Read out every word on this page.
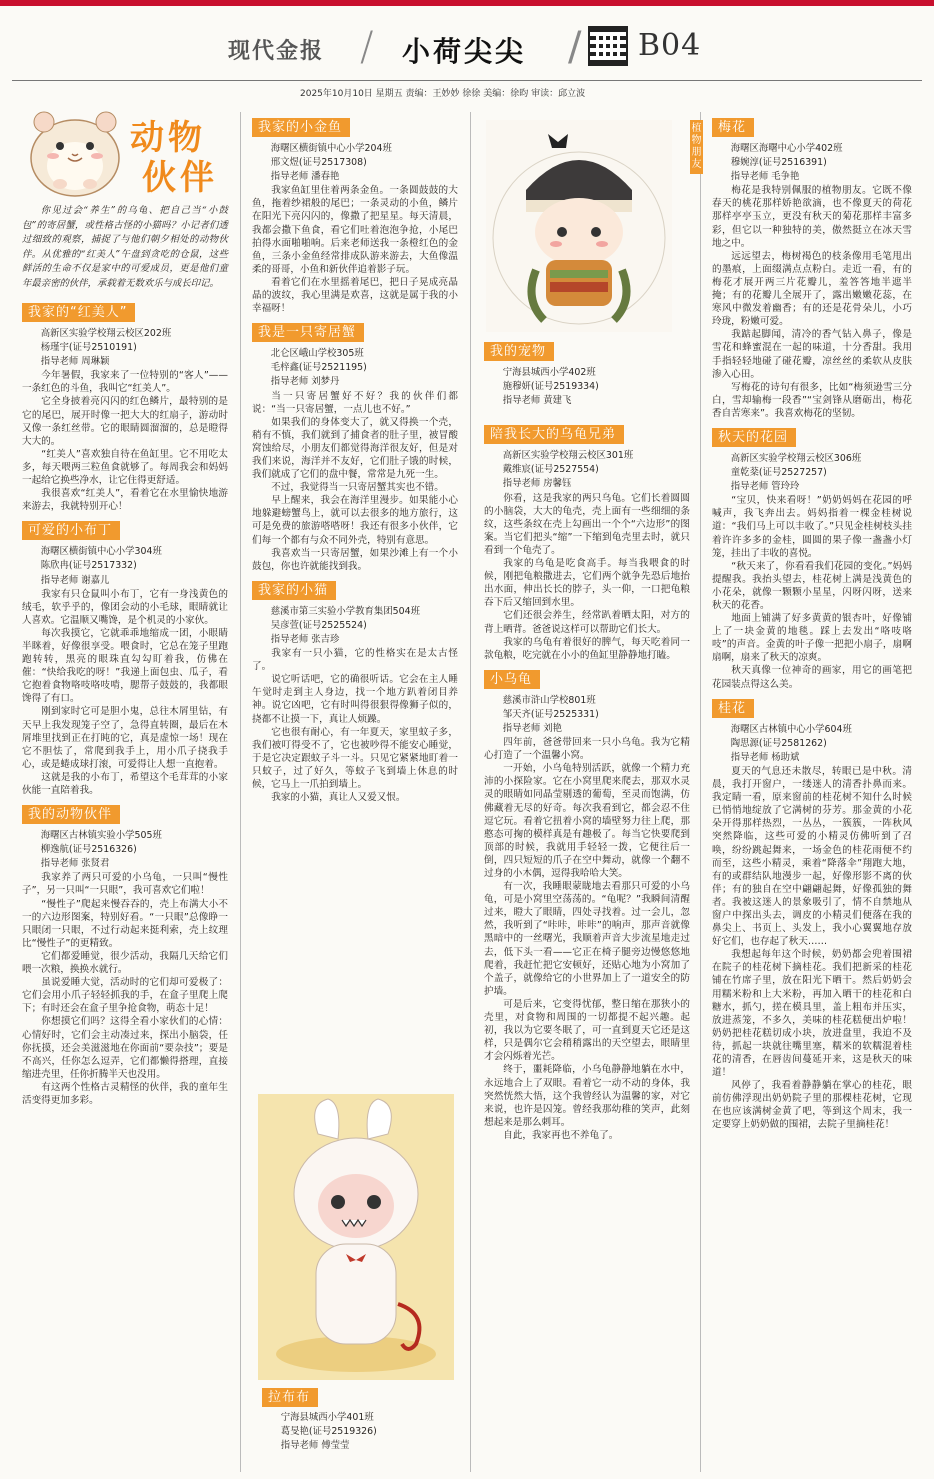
现代金报 / 小荷尖尖 / B04
2025年10月10日 星期五 责编：王妙妙 徐徐 美编：徐昀 审读：邱立波
动物
伙伴

你见过会“养生”的乌龟、把自己当“小鼓包”的寄居蟹，或性格古怪的小猫吗？小记者们透过细致的观察，捕捉了与他们朝夕相处的动物伙伴。从优雅的“红美人”午盘到贪吃的仓鼠，这些鲜活的生命不仅是家中的可爱成员，更是他们童年最亲密的伙伴，承载着无数欢乐与成长印记。

我家的“红美人”

高新区实验学校翔云校区202班

杨瑾宇(证号2510191)

指导老师 周琳颖

今年暑假，我家来了一位特别的“客人”——一条红色的斗鱼，我叫它“红美人”。

它全身披着亮闪闪的红色鳞片，最特别的是它的尾巴，展开时像一把大大的红扇子，游动时又像一条红丝带。它的眼睛圆溜溜的，总是瞪得大大的。

“红美人”喜欢独自待在鱼缸里。它不用吃太多，每天喂两三粒鱼食就够了。每周我会和妈妈一起给它换些净水，让它住得更舒适。

我很喜欢“红美人”，看着它在水里愉快地游来游去，我就特别开心！

可爱的小布丁

海曙区横街镇中心小学304班

陈欣冉(证号2517332)

指导老师 谢嘉儿

我家有只仓鼠叫小布丁，它有一身浅黄色的绒毛，软乎乎的，像团会动的小毛球，眼睛就让人喜欢。它温顺又嘴馋，是个机灵的小家伙。

每次我摸它，它就乖乖地缩成一团，小眼睛半眯着，好像很享受。喂食时，它总在笼子里跑跑转转，黑亮的眼珠直勾勾盯着我，仿佛在催：“快给我吃的呀！”我递上面包虫、瓜子，看它抱着食物咯吱咯吱啃，腮帮子鼓鼓的，我都眼馋得了有口。

刚到家时它可是胆小鬼，总往木屑里钻，有天早上我发现笼子空了，急得直转圈，最后在木屑堆里找到正在打盹的它，真是虚惊一场！现在它不胆怯了，常爬到我手上，用小爪子挠我手心，或是蜷成球打滚，可爱得让人想一直抱着。

这就是我的小布丁，希望这个毛茸茸的小家伙能一直陪着我。

我的动物伙伴

海曙区古林镇实验小学505班

柳逸航(证号2516326)

指导老师 张贤君

我家养了两只可爱的小乌龟，一只叫“慢性子”，另一只叫“一只眼”，我可喜欢它们啦！

“慢性子”爬起来慢吞吞的，壳上布满大小不一的六边形图案，特别好看。“一只眼”总像睁一只眼闭一只眼，不过行动起来挺利索，壳上纹理比“慢性子”的更精致。

它们都爱睡觉，很少活动，我隔几天给它们喂一次粮，换换水就行。

虽说爱睡大觉，活动时的它们却可爱极了：它们会用小爪子轻轻抓我的手，在盒子里爬上爬下；有时还会在盒子里争抢食物，萌态十足！

你想摸它们吗？这得全看小家伙们的心情：心情好时，它们会主动凑过来，探出小脑袋，任你抚摸，还会美滋滋地在你面前“要杂技”；要是不高兴，任你怎么逗弄，它们都懒得搭理，直接缩进壳里，任你折腾半天也没用。

有这两个性格古灵精怪的伙伴，我的童年生活变得更加多彩。

我家的小金鱼

海曙区横街镇中心小学204班

邢文煜(证号2517308)

指导老师 潘春艳

我家鱼缸里住着两条金鱼。一条圆鼓鼓的大鱼，拖着纱裙般的尾巴；一条灵动的小鱼，鳞片在阳光下亮闪闪的，像撒了把星星。每天清晨，我都会撒下鱼食，看它们吐着泡泡争抢，小尾巴拍得水面啪啪响。后来老师送我一条橙红色的金鱼，三条小金鱼经常排成队游来游去，大鱼像温柔的哥哥，小鱼和新伙伴追着影子玩。

看着它们在水里摇着尾巴，把日子晃成亮晶晶的波纹，我心里满是欢喜，这就是属于我的小幸福呀！

我是一只寄居蟹

北仑区峨山学校305班

毛梓鑫(证号2521195)

指导老师 刘梦丹

当一只寄居蟹好不好？我的伙伴们都说：“当一只寄居蟹，一点儿也不好。”

如果我们的身体变大了，就又得换一个壳，稍有不慎，我们就到了捕食者的肚子里，被冒酸窝蚀给尽，小朋友们都觉得海洋很友好，但是对我们来说，海洋并不友好，它们肚子饿的时候，我们就成了它们的盘中餐，常常是九死一生。

不过，我觉得当一只寄居蟹其实也不错。

早上醒来，我会在海洋里漫步。如果能小心地躲避螃蟹鸟上，就可以去很多的地方旅行，这可是免费的旅游嗒嗒呀！我还有很多小伙伴，它们每一个都有与众不同外壳，特别有意思。

我喜欢当一只寄居蟹，如果沙滩上有一个小鼓包，你也许就能找到我。

我家的小猫

慈溪市第三实验小学教育集团504班

吴彦萱(证号2525524)

指导老师 张吉珍

我家有一只小猫，它的性格实在是太古怪了。

说它听话吧，它的确很听话。它会在主人睡午觉时走到主人身边，找一个地方趴着闭目养神。说它凶吧，它有时叫得很狠得像狮子似的，挠都不让摸一下，真让人烦躁。

它也很有耐心，有一年夏天，家里蚊子多，我们被叮得受不了，它也被吵得不能安心睡觉，于是它决定跟蚊子斗一斗。只见它紧紧地盯着一只蚊子，过了好久，等蚊子飞到墙上休息的时候，它马上一爪拍到墙上。

我家的小猫，真让人又爱又恨。

拉布布

宁海县城西小学401班

葛旻艳(证号2519326)

指导老师 傅莹莹

我的宠物

宁海县城西小学402班

施穆妍(证号2519334)

指导老师 黄建飞

陪我长大的乌龟兄弟

高新区实验学校翔云校区301班

戴维宸(证号2527554)

指导老师 房馨钰

你看，这是我家的两只乌龟。它们长着圆圆的小脑袋，大大的龟壳，壳上面有一些细细的条纹，这些条纹在壳上勾画出一个个“六边形”的图案。当它们把头“缩”一下缩到龟壳里去时，就只看到一个龟壳了。

我家的乌龟是吃食高手。每当我喂食的时候，刚把龟粮撒进去，它们两个就争先恐后地抬出水面，伸出长长的脖子，头一仰，一口把龟粮吞下后又缩回到水里。

它们还很会养生，经常趴着晒太阳，对方的背上晒背。爸爸说这样可以帮助它们长大。

我家的乌龟有着很好的脾气，每天吃着同一款龟粮，吃完就在小小的鱼缸里静静地打瞌。

小乌龟

慈溪市浒山学校801班

邹天齐(证号2525331)

指导老师 刘艳

四年前，爸爸带回来一只小乌龟。我为它精心打造了一个温馨小窝。

一开始，小乌龟特别活跃，就像一个精力充沛的小探险家。它在小窝里爬来爬去，那双水灵灵的眼睛如同晶莹剔透的葡萄，至灵而饱满，仿佛藏着无尽的好奇。每次我看到它，都会忍不住逗它玩。看着它扭着小窝的墙壁努力往上爬，那憨态可掬的模样真是有趣极了。每当它快要爬到顶部的时候，我就用手轻轻一拨，它便往后一倒，四只短短的爪子在空中舞动，就像一个翻不过身的小木偶，逗得我哈哈大笑。

有一次，我睡眼蒙眬地去看那只可爱的小乌龟，可是小窝里空荡荡的。“龟呢？”我瞬间清醒过来，瞪大了眼睛，四处寻找着。过一会儿，忽然，我听到了“咔咔，咔咔”的响声，那声音就像黑暗中的一丝曙光，我顺着声音大步流星地走过去，低下头一看——它正在椅子腿旁边慢悠悠地爬着，我赶忙把它安顿好，还贴心地为小窝加了个盖子，就像给它的小世界加上了一道安全的防护墙。

可是后来，它变得忧郁，整日缩在那狭小的壳里，对食物和周围的一切都提不起兴趣。起初，我以为它要冬眠了，可一直到夏天它还是这样，只是偶尔它会稍稍露出的天空望去，眼睛里才会闪烁着光芒。

终于，噩耗降临，小乌龟静静地躺在水中，永远地合上了双眼。看着它一动不动的身体，我突然恍然大悟，这个我曾经认为温馨的家，对它来说，也许是囚笼。曾经我那幼稚的笑声，此刻想起来是那么刺耳。

自此，我家再也不养龟了。

植物朋友
梅花

海曙区海曙中心小学402班

穆婉淳(证号2516391)

指导老师 毛争艳

梅花是我特别佩服的植物朋友。它既不像春天的桃花那样娇艳欲滴，也不像夏天的荷花那样亭亭玉立，更没有秋天的菊花那样丰富多彩，但它以一种独特的美，傲然挺立在冰天雪地之中。

远远望去，梅树褐色的枝条像用毛笔甩出的墨痕，上面缀满点点粉白。走近一看，有的梅花才展开两三片花瓣儿，羞答答地半遮半掩；有的花瓣儿全展开了，露出嫩嫩花蕊，在寒风中微发着幽香；有的还是花骨朵儿，小巧玲珑，粉嫩可爱。

我踮起脚闻，清冷的香气钻入鼻子，像是雪花和蜂蜜混在一起的味道，十分香甜。我用手指轻轻地碰了碰花瓣，凉丝丝的柔软从皮肤渗入心田。

写梅花的诗句有很多，比如“梅须逊雪三分白，雪却输梅一段香”“宝剑锋从磨砺出，梅花香自苦寒来”。我喜欢梅花的坚韧。

秋天的花园

高新区实验学校翔云校区306班

童乾棻(证号2527257)

指导老师 管玲玲

“宝贝，快来看呀！”奶奶妈妈在花园的呼喊声，我飞奔出去。妈妈指着一棵金桂树说道：“我们马上可以丰收了。”只见金桂树枝头挂着许许多多的金桂，圆圆的果子像一盏盏小灯笼，挂出了丰收的喜悦。

“秋天来了，你看看我们花园的变化。”妈妈提醒我。我抬头望去，桂花树上满是浅黄色的小花朵，就像一颗颗小星星，闪呀闪呀，送来秋天的花香。

地面上铺满了好多黄黄的银杏叶，好像铺上了一块金黄的地毯。踩上去发出“咯吱咯吱”的声音。金黄的叶子像一把把小扇子，扇啊扇啊，扇来了秋天的凉爽。

秋天真像一位神奇的画家，用它的画笔把花园装点得这么美。

桂花

海曙区古林镇中心小学604班

陶思源(证号2581262)

指导老师 杨助斌

夏天的气息还未散尽，转眼已是中秋。清晨，我打开窗户，一缕迷人的清香扑鼻而来。我定睛一看，原来窗前的桂花树不知什么时候已悄悄地绽放了它满树的芬芳。那金黄的小花朵开得那样热烈，一丛丛，一簇簇，一阵秋风突然降临，这些可爱的小精灵仿佛听到了召唤，纷纷跳起舞来，一场金色的桂花雨便不约而至，这些小精灵，乘着“降落伞”翔跑大地，有的或群结队地漫步一起，好像形影不离的伙伴；有的独自在空中翩翩起舞，好像孤独的舞者。我被这迷人的景象吸引了，情不自禁地从窗户中探出头去，调皮的小精灵们便落在我的鼻尖上、书页上、头发上，我小心翼翼地存放好它们，也存起了秋天……

我想起每年这个时候，奶奶都会兜着围裙在院子的桂花树下摘桂花。我们把新采的桂花铺在竹席子里，放在阳光下晒干。然后奶奶会用糯米粉和上大米粉，再加入晒干的桂花和白糖水，抓勺，搓在模具里，盖上粗布并压实，放进蒸笼，不多久，美味的桂花糕便出炉啦！奶奶把桂花糕切成小块，放进盘里，我迫不及待，抓起一块就往嘴里塞，糯米的软糯混着桂花的清香，在唇齿间蔓延开来，这是秋天的味道！

风停了，我看着静静躺在掌心的桂花，眼前仿佛浮现出奶奶院子里的那棵桂花树，它现在也应该满树金黄了吧，等到这个周末，我一定要穿上奶奶做的围裙，去院子里摘桂花！
